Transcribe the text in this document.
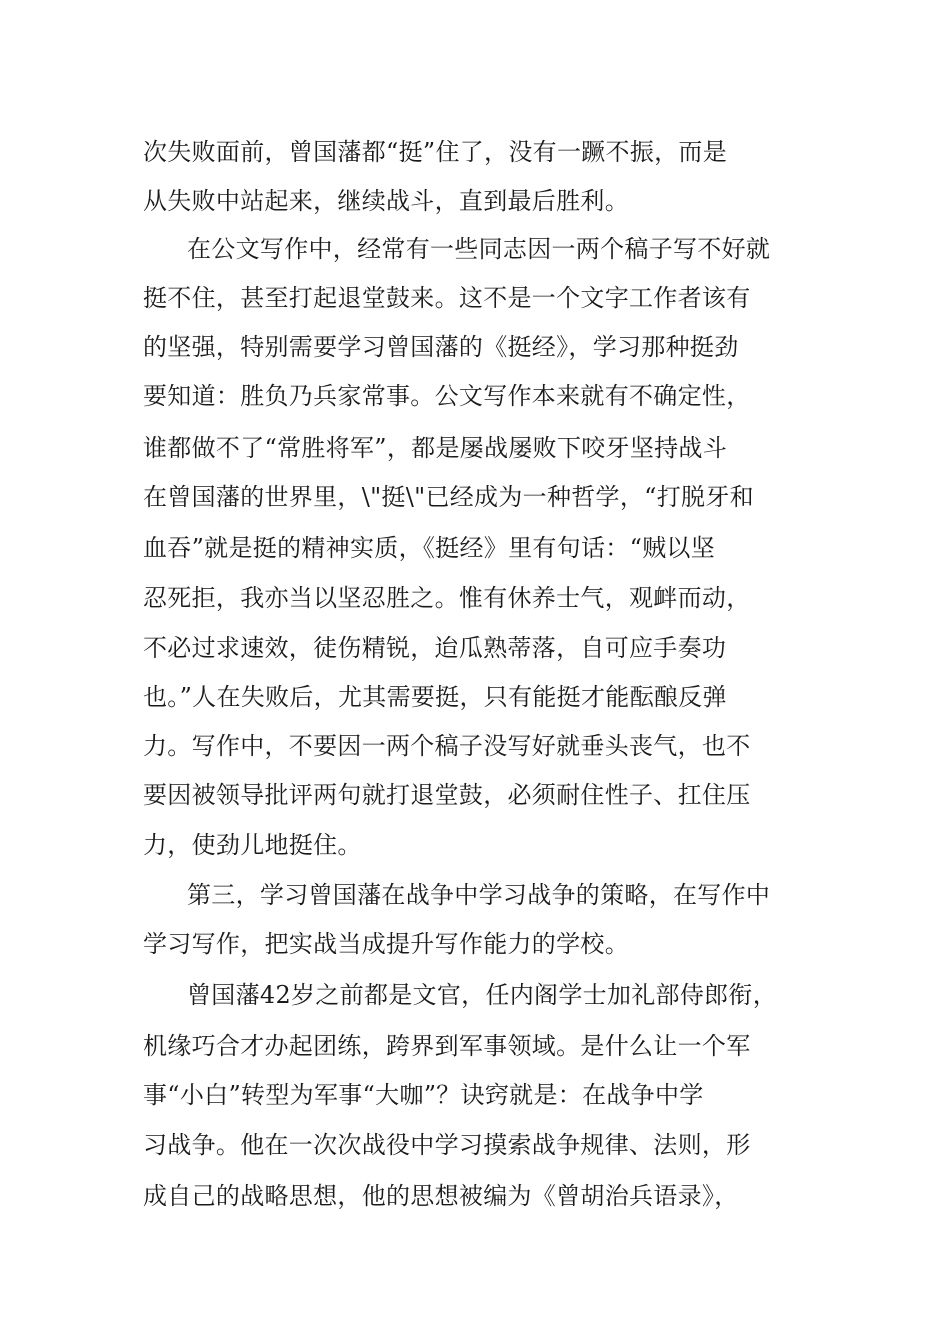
次失败面前，曾国藩都“挺”住了，没有一蹶不振，而是
从失败中站起来，继续战斗，直到最后胜利。
在公文写作中，经常有一些同志因一两个稿子写不好就
挺不住，甚至打起退堂鼓来。这不是一个文字工作者该有
的坚强，特别需要学习曾国藩的《挺经》，学习那种挺劲
要知道：胜负乃兵家常事。公文写作本来就有不确定性，
谁都做不了“常胜将军”，都是屡战屡败下咬牙坚持战斗
在曾国藩的世界里，\"挺\"已经成为一种哲学，“打脱牙和
血吞”就是挺的精神实质，《挺经》里有句话：“贼以坚
忍死拒，我亦当以坚忍胜之。惟有休养士气，观衅而动，
不必过求速效，徒伤精锐，迨瓜熟蒂落，自可应手奏功
也。”人在失败后，尤其需要挺，只有能挺才能酝酿反弹
力。写作中，不要因一两个稿子没写好就垂头丧气，也不
要因被领导批评两句就打退堂鼓，必须耐住性子、扛住压
力，使劲儿地挺住。
第三，学习曾国藩在战争中学习战争的策略，在写作中
学习写作，把实战当成提升写作能力的学校。
曾国藩42岁之前都是文官，任内阁学士加礼部侍郎衔，
机缘巧合才办起团练，跨界到军事领域。是什么让一个军
事“小白”转型为军事“大咖”？诀窍就是：在战争中学
习战争。他在一次次战役中学习摸索战争规律、法则，形
成自己的战略思想，他的思想被编为《曾胡治兵语录》，
